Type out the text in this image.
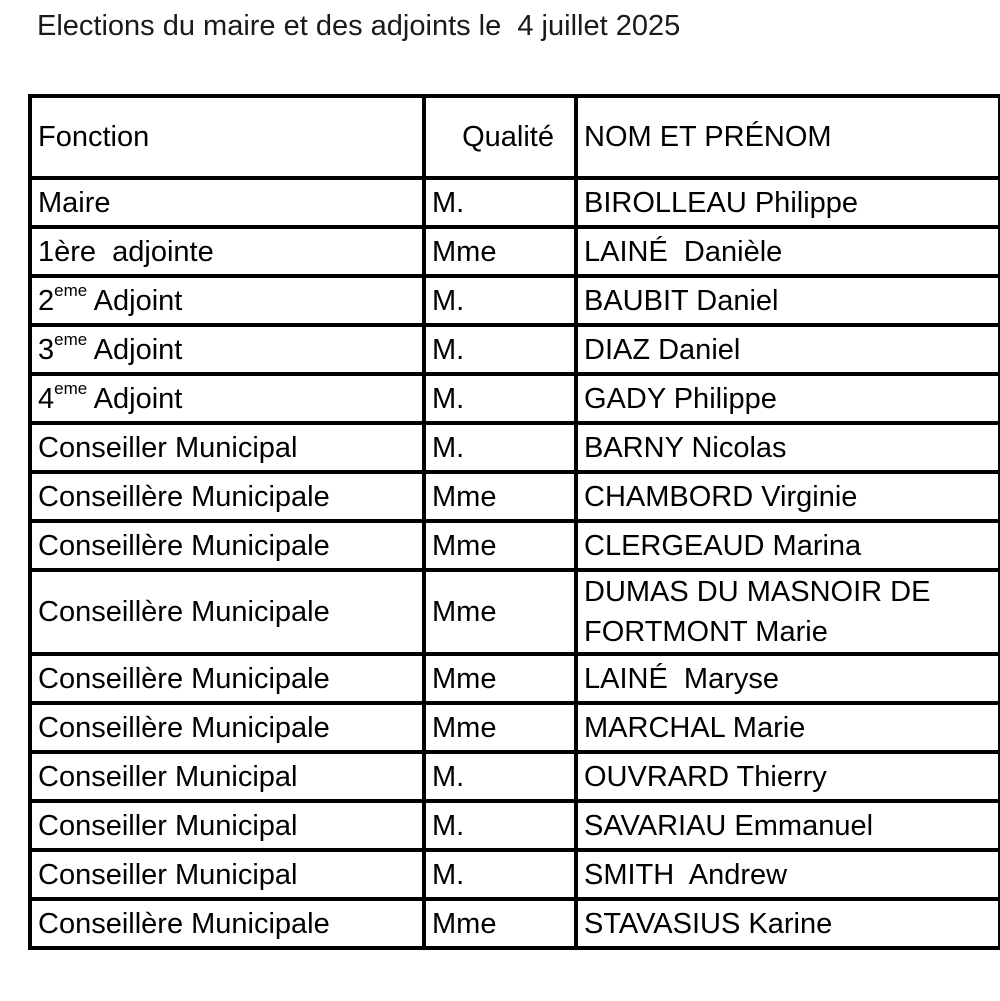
Elections du maire et des adjoints le  4 juillet 2025
Fonction	Qualité	NOM ET PRÉNOM
Maire	M.	BIROLLEAU Philippe
1ère  adjointe	Mme	LAINÉ  Danièle
2eme Adjoint	M.	BAUBIT Daniel
3eme Adjoint	M.	DIAZ Daniel
4eme Adjoint	M.	GADY Philippe
Conseiller Municipal	M.	BARNY Nicolas
Conseillère Municipale	Mme	CHAMBORD Virginie
Conseillère Municipale	Mme	CLERGEAUD Marina
Conseillère Municipale	Mme	DUMAS DU MASNOIR DE FORTMONT Marie
Conseillère Municipale	Mme	LAINÉ  Maryse
Conseillère Municipale	Mme	MARCHAL Marie
Conseiller Municipal	M.	OUVRARD Thierry
Conseiller Municipal	M.	SAVARIAU Emmanuel
Conseiller Municipal	M.	SMITH  Andrew
Conseillère Municipale	Mme	STAVASIUS Karine
